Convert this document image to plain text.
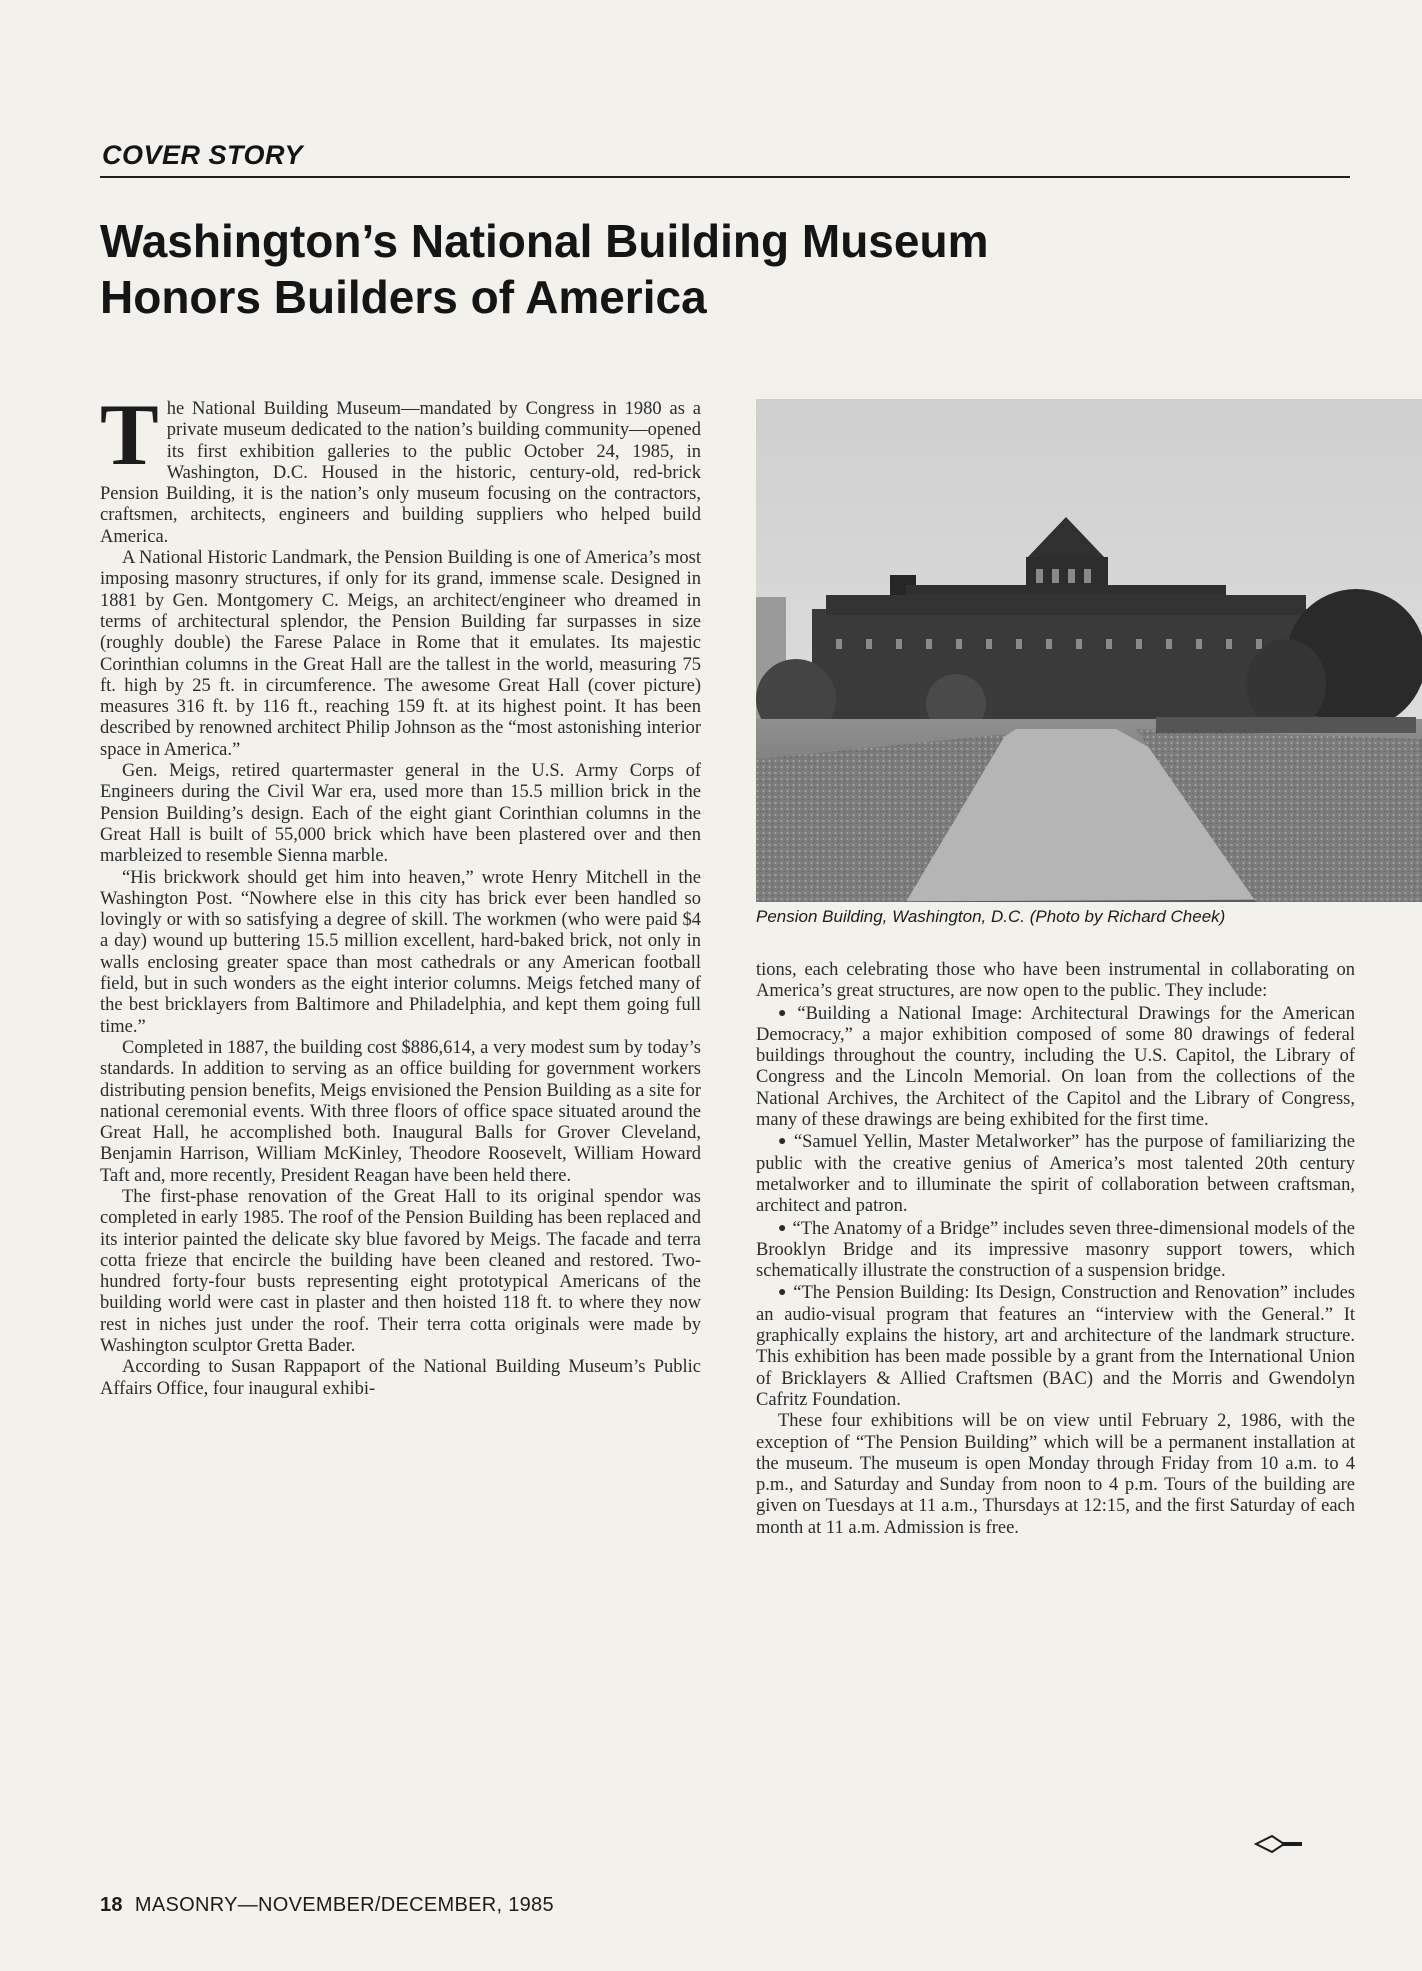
COVER STORY
Washington’s National Building Museum
Honors Builders of America

The National Building Museum—mandated by Congress in 1980 as a private museum dedicated to the nation’s building community—opened its first exhibition galleries to the public October 24, 1985, in Washington, D.C. Housed in the historic, century-old, red-brick Pension Building, it is the nation’s only museum focusing on the contractors, craftsmen, architects, engineers and building suppliers who helped build America.

A National Historic Landmark, the Pension Building is one of America’s most imposing masonry structures, if only for its grand, immense scale. Designed in 1881 by Gen. Montgomery C. Meigs, an architect/engineer who dreamed in terms of architectural splendor, the Pension Building far surpasses in size (roughly double) the Farese Palace in Rome that it emulates. Its majestic Corinthian columns in the Great Hall are the tallest in the world, measuring 75 ft. high by 25 ft. in circumference. The awesome Great Hall (cover picture) measures 316 ft. by 116 ft., reaching 159 ft. at its highest point. It has been described by renowned architect Philip Johnson as the “most astonishing interior space in America.”

Gen. Meigs, retired quartermaster general in the U.S. Army Corps of Engineers during the Civil War era, used more than 15.5 million brick in the Pension Building’s design. Each of the eight giant Corinthian columns in the Great Hall is built of 55,000 brick which have been plastered over and then marbleized to resemble Sienna marble.

“His brickwork should get him into heaven,” wrote Henry Mitchell in the Washington Post. “Nowhere else in this city has brick ever been handled so lovingly or with so satisfying a degree of skill. The workmen (who were paid $4 a day) wound up buttering 15.5 million excellent, hard-baked brick, not only in walls enclosing greater space than most cathedrals or any American football field, but in such wonders as the eight interior columns. Meigs fetched many of the best bricklayers from Baltimore and Philadelphia, and kept them going full time.”

Completed in 1887, the building cost $886,614, a very modest sum by today’s standards. In addition to serving as an office building for government workers distributing pension benefits, Meigs envisioned the Pension Building as a site for national ceremonial events. With three floors of office space situated around the Great Hall, he accomplished both. Inaugural Balls for Grover Cleveland, Benjamin Harrison, William McKinley, Theodore Roosevelt, William Howard Taft and, more recently, President Reagan have been held there.

The first-phase renovation of the Great Hall to its original spendor was completed in early 1985. The roof of the Pension Building has been replaced and its interior painted the delicate sky blue favored by Meigs. The facade and terra cotta frieze that encircle the building have been cleaned and restored. Two-hundred forty-four busts representing eight prototypical Americans of the building world were cast in plaster and then hoisted 118 ft. to where they now rest in niches just under the roof. Their terra cotta originals were made by Washington sculptor Gretta Bader.

According to Susan Rappaport of the National Building Museum’s Public Affairs Office, four inaugural exhibi-

Pension Building, Washington, D.C. (Photo by Richard Cheek)

tions, each celebrating those who have been instrumental in collaborating on America’s great structures, are now open to the public. They include:

● “Building a National Image: Architectural Drawings for the American Democracy,” a major exhibition composed of some 80 drawings of federal buildings throughout the country, including the U.S. Capitol, the Library of Congress and the Lincoln Memorial. On loan from the collections of the National Archives, the Architect of the Capitol and the Library of Congress, many of these drawings are being exhibited for the first time.

● “Samuel Yellin, Master Metalworker” has the purpose of familiarizing the public with the creative genius of America’s most talented 20th century metalworker and to illuminate the spirit of collaboration between craftsman, architect and patron.

● “The Anatomy of a Bridge” includes seven three-dimensional models of the Brooklyn Bridge and its impressive masonry support towers, which schematically illustrate the construction of a suspension bridge.

● “The Pension Building: Its Design, Construction and Renovation” includes an audio-visual program that features an “interview with the General.” It graphically explains the history, art and architecture of the landmark structure. This exhibition has been made possible by a grant from the International Union of Bricklayers & Allied Craftsmen (BAC) and the Morris and Gwendolyn Cafritz Foundation.

These four exhibitions will be on view until February 2, 1986, with the exception of “The Pension Building” which will be a permanent installation at the museum. The museum is open Monday through Friday from 10 a.m. to 4 p.m., and Saturday and Sunday from noon to 4 p.m. Tours of the building are given on Tuesdays at 11 a.m., Thursdays at 12:15, and the first Saturday of each month at 11 a.m. Admission is free.

18 MASONRY—NOVEMBER/DECEMBER, 1985
